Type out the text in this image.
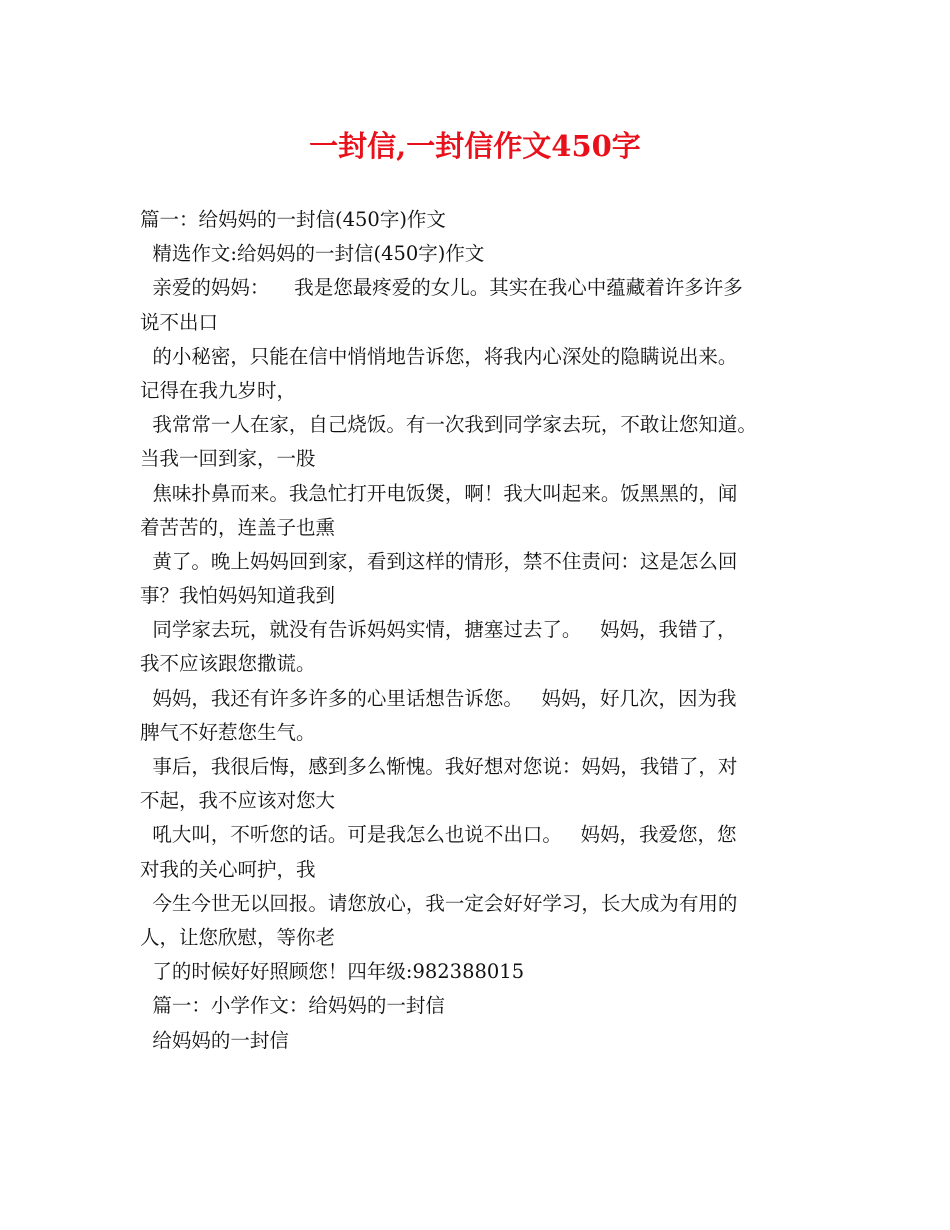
一封信,一封信作文450字
篇一：给妈妈的一封信(450字)作文
精选作文:给妈妈的一封信(450字)作文
亲爱的妈妈：    我是您最疼爱的女儿。其实在我心中蕴藏着许多许多
说不出口
的小秘密，只能在信中悄悄地告诉您，将我内心深处的隐瞒说出来。
记得在我九岁时，
我常常一人在家，自己烧饭。有一次我到同学家去玩，不敢让您知道。
当我一回到家，一股
焦味扑鼻而来。我急忙打开电饭煲，啊！我大叫起来。饭黑黑的，闻
着苦苦的，连盖子也熏
黄了。晚上妈妈回到家，看到这样的情形，禁不住责问：这是怎么回
事？我怕妈妈知道我到
同学家去玩，就没有告诉妈妈实情，搪塞过去了。   妈妈，我错了，
我不应该跟您撒谎。
妈妈，我还有许多许多的心里话想告诉您。   妈妈，好几次，因为我
脾气不好惹您生气。
事后，我很后悔，感到多么惭愧。我好想对您说：妈妈，我错了，对
不起，我不应该对您大
吼大叫，不听您的话。可是我怎么也说不出口。   妈妈，我爱您，您
对我的关心呵护，我
今生今世无以回报。请您放心，我一定会好好学习，长大成为有用的
人，让您欣慰，等你老
了的时候好好照顾您！四年级:982388015
篇一：小学作文：给妈妈的一封信
给妈妈的一封信
